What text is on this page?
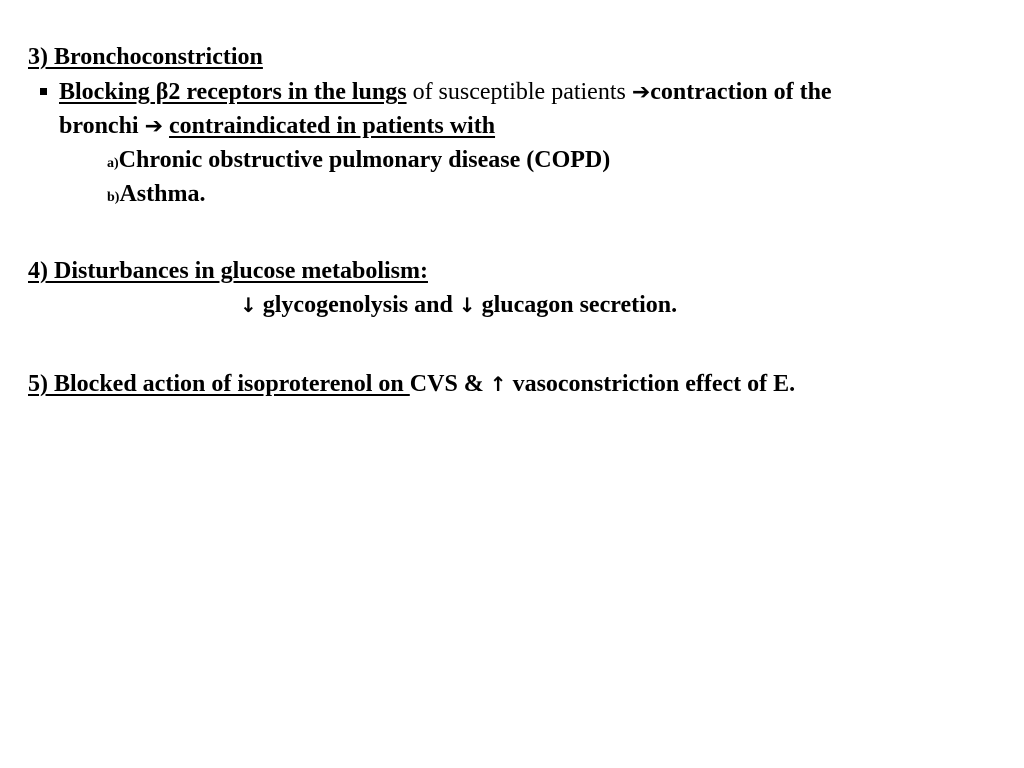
3) Bronchoconstriction
Blocking β2 receptors in the lungs of susceptible patients ➔contraction of the
bronchi ➔ contraindicated in patients with
a)Chronic obstructive pulmonary disease (COPD)
b)Asthma.
4) Disturbances in glucose metabolism:
↓ glycogenolysis and ↓ glucagon secretion.
5) Blocked action of isoproterenol on CVS & ↑ vasoconstriction effect of E.
